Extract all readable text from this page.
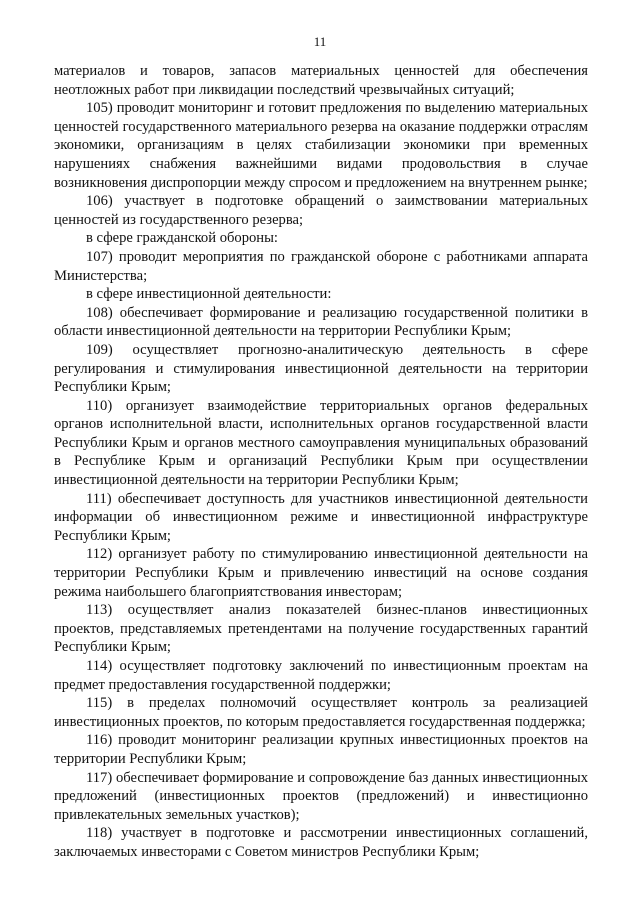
11

материалов и товаров, запасов материальных ценностей для обеспечения неотложных работ при ликвидации последствий чрезвычайных ситуаций;

105) проводит мониторинг и готовит предложения по выделению материальных ценностей государственного материального резерва на оказание поддержки отраслям экономики, организациям в целях стабилизации экономики при временных нарушениях снабжения важнейшими видами продовольствия в случае возникновения диспропорции между спросом и предложением на внутреннем рынке;

106) участвует в подготовке обращений о заимствовании материальных ценностей из государственного резерва;

в сфере гражданской обороны:

107) проводит мероприятия по гражданской обороне с работниками аппарата Министерства;

в сфере инвестиционной деятельности:

108) обеспечивает формирование и реализацию государственной политики в области инвестиционной деятельности на территории Республики Крым;

109) осуществляет прогнозно-аналитическую деятельность в сфере регулирования и стимулирования инвестиционной деятельности на территории Республики Крым;

110) организует взаимодействие территориальных органов федеральных органов исполнительной власти, исполнительных органов государственной власти Республики Крым и органов местного самоуправления муниципальных образований в Республике Крым и организаций Республики Крым при осуществлении инвестиционной деятельности на территории Республики Крым;

111) обеспечивает доступность для участников инвестиционной деятельности информации об инвестиционном режиме и инвестиционной инфраструктуре Республики Крым;

112) организует работу по стимулированию инвестиционной деятельности на территории Республики Крым и привлечению инвестиций на основе создания режима наибольшего благоприятствования инвесторам;

113) осуществляет анализ показателей бизнес-планов инвестиционных проектов, представляемых претендентами на получение государственных гарантий Республики Крым;

114) осуществляет подготовку заключений по инвестиционным проектам на предмет предоставления государственной поддержки;

115) в пределах полномочий осуществляет контроль за реализацией инвестиционных проектов, по которым предоставляется государственная поддержка;

116) проводит мониторинг реализации крупных инвестиционных проектов на территории Республики Крым;

117) обеспечивает формирование и сопровождение баз данных инвестиционных предложений (инвестиционных проектов (предложений) и инвестиционно привлекательных земельных участков);

118) участвует в подготовке и рассмотрении инвестиционных соглашений, заключаемых инвесторами с Советом министров Республики Крым;
